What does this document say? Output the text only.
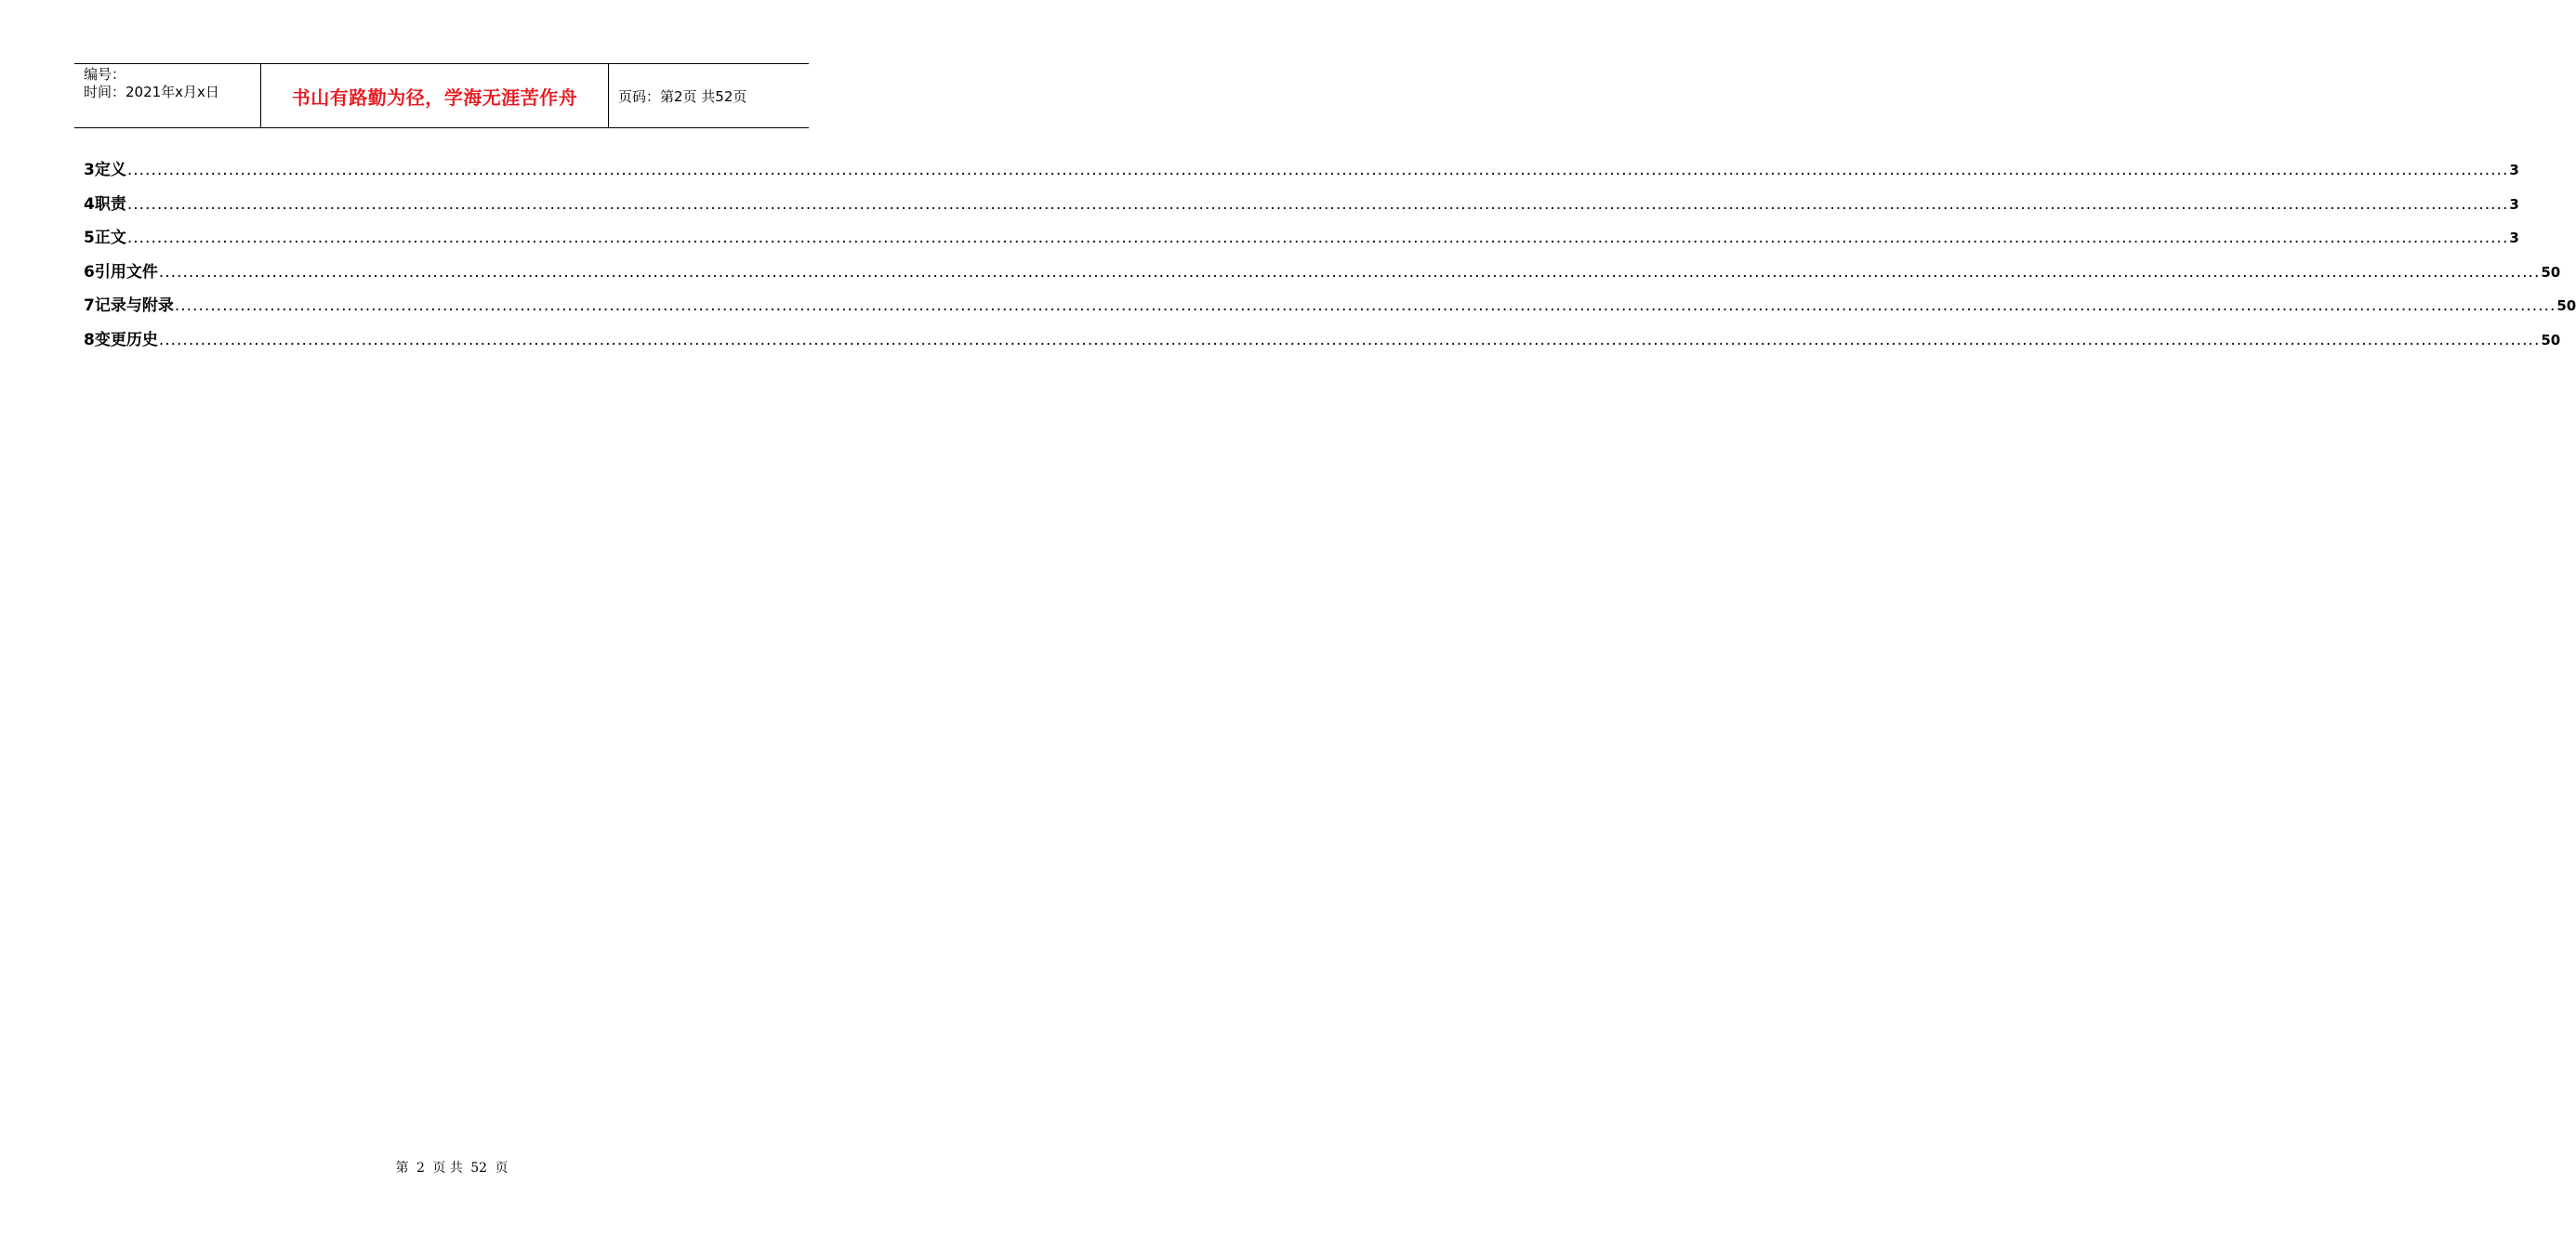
编号：
时间：2021年x月x日	书山有路勤为径，学海无涯苦作舟	页码：第2页 共52页
3 定义 ................................................................................................................................................................................................................................................................................................................................................................................................................ 3
4 职责 ................................................................................................................................................................................................................................................................................................................................................................................................................ 3
5 正文 ................................................................................................................................................................................................................................................................................................................................................................................................................ 3
6 引用文件 ................................................................................................................................................................................................................................................................................................................................................................................................................ 50
7 记录与附录 ................................................................................................................................................................................................................................................................................................................................................................................................................ 50
8 变更历史 ................................................................................................................................................................................................................................................................................................................................................................................................................ 50
第 2 页 共 52 页
